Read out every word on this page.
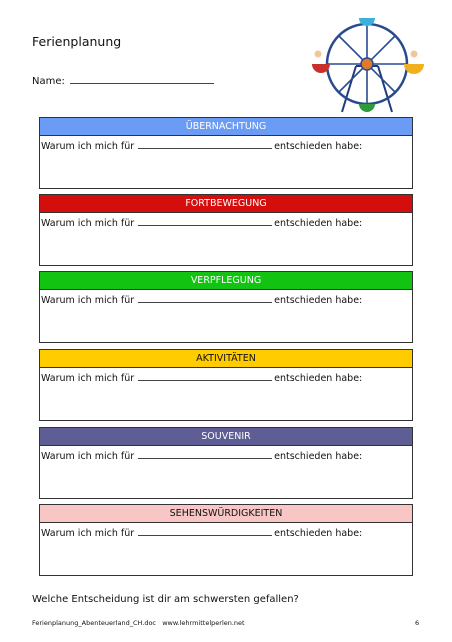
Ferienplanung
Name:
ÜBERNACHTUNG
Warum ich mich für	entschieden habe:
FORTBEWEGUNG
Warum ich mich für	entschieden habe:
VERPFLEGUNG
Warum ich mich für	entschieden habe:
AKTIVITÄTEN
Warum ich mich für	entschieden habe:
SOUVENIR
Warum ich mich für	entschieden habe:
SEHENSWÜRDIGKEITEN
Warum ich mich für	entschieden habe:
Welche Entscheidung ist dir am schwersten gefallen?
Ferienplanung_Abenteuerland_CH.doc www.lehrmittelperlen.net	6
